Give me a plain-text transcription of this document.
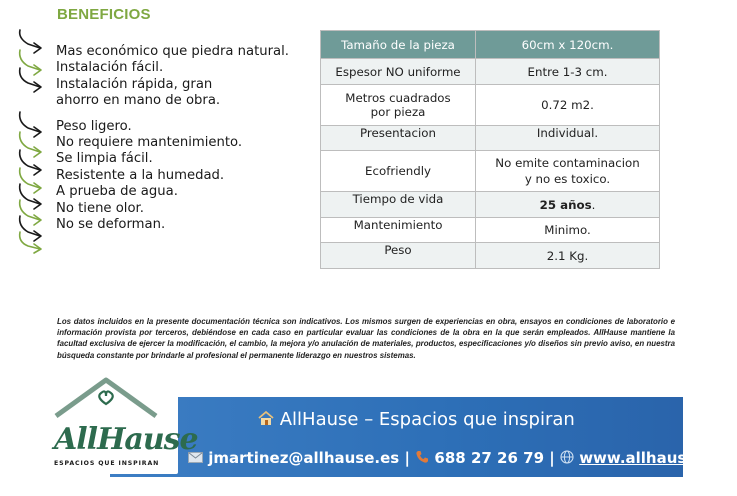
BENEFICIOS
Mas económico que piedra natural.
Instalación fácil.
Instalación rápida, gran
ahorro en mano de obra.
Peso ligero.
No requiere mantenimiento.
Se limpia fácil.
Resistente a la humedad.
A prueba de agua.
No tiene olor.
No se deforman.
Tamaño de la pieza	60cm x 120cm.
Espesor NO uniforme	Entre 1-3 cm.
Metros cuadrados
por pieza	0.72 m2.
Presentacion	Individual.
Ecofriendly	No emite contaminacion
y no es toxico.
Tiempo de vida	25 años.
Mantenimiento	Minimo.
Peso	2.1 Kg.
Los datos incluidos en la presente documentación técnica son indicativos. Los mismos surgen de experiencias en obra, ensayos en condiciones de laboratorio e información provista por terceros, debiéndose en cada caso en particular evaluar las condiciones de la obra en la que serán empleados. AllHause mantiene la facultad exclusiva de ejercer la modificación, el cambio, la mejora y/o anulación de materiales, productos, especificaciones y/o diseños sin previo aviso, en nuestra búsqueda constante por brindarle al profesional el permanente liderazgo en nuestros sistemas.
AllHause – Espacios que inspiran
jmartinez@allhause.es | 688 27 26 79 | www.allhause.com
AllHause
ESPACIOS QUE INSPIRAN
